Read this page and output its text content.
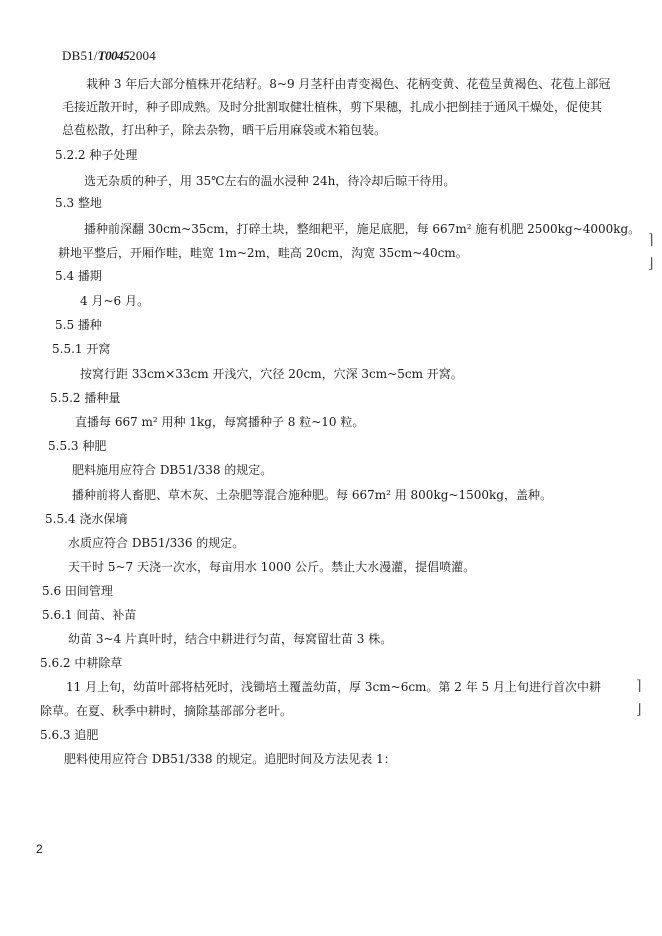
DB51/T00452004
栽种 3 年后大部分植株开花结籽。8~9 月茎秆由青变褐色、花柄变黄、花苞呈黄褐色、花苞上部冠
毛接近散开时，种子即成熟。及时分批割取健壮植株，剪下果穗，扎成小把倒挂于通风干燥处，促使其
总苞松散，打出种子，除去杂物，晒干后用麻袋或木箱包装。
5.2.2 种子处理
选无杂质的种子，用 35℃左右的温水浸种 24h，待冷却后晾干待用。
5.3 整地
播种前深翻 30cm~35cm，打碎土块，整细耙平，施足底肥，每 667m² 施有机肥 2500kg~4000kg。
耕地平整后，开厢作畦，畦宽 1m~2m，畦高 20cm，沟宽 35cm~40cm。
5.4 播期
4 月~6 月。
5.5 播种
5.5.1 开窝
按窝行距 33cm×33cm 开浅穴，穴径 20cm，穴深 3cm~5cm 开窝。
5.5.2 播种量
直播每 667 m² 用种 1kg，每窝播种子 8 粒~10 粒。
5.5.3 种肥
肥料施用应符合 DB51/338 的规定。
播种前将人畜肥、草木灰、土杂肥等混合施种肥。每 667m² 用 800kg~1500kg，盖种。
5.5.4 浇水保墒
水质应符合 DB51/336 的规定。
天干时 5~7 天浇一次水，每亩用水 1000 公斤。禁止大水漫灌，提倡喷灌。
5.6 田间管理
5.6.1 间苗、补苗
幼苗 3~4 片真叶时，结合中耕进行匀苗，每窝留壮苗 3 株。
5.6.2 中耕除草
11 月上旬，幼苗叶部将枯死时，浅锄培土覆盖幼苗，厚 3cm~6cm。第 2 年 5 月上旬进行首次中耕
除草。在夏、秋季中耕时，摘除基部部分老叶。
5.6.3 追肥
肥料使用应符合 DB51/338 的规定。追肥时间及方法见表 1：
2
⌉
⌋
⌉
⌋
